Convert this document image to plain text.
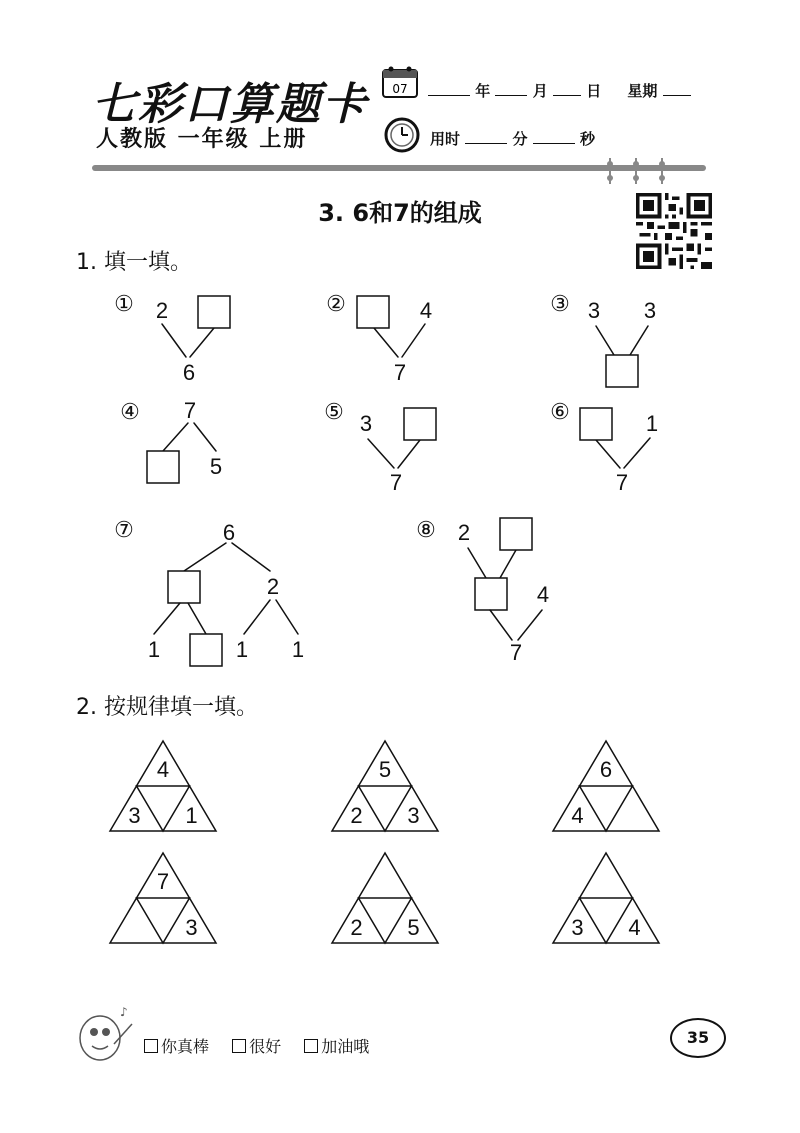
七彩口算题卡
人教版 一年级 上册
07	年	月	日 星期
用时	分	秒
3. 6和7的组成
1. 填一填。
① 2
6
②	4
7
③ 3 3
④ 7
5
⑤ 3
7
⑥	1
7
⑦	6
2
1	1 1
⑧ 2
4
7
4
3 1
5
2 3
6
4
7
3	2 5	3 4
2. 按规律填一填。
♪
你真棒
	很好
	加油哦	35
